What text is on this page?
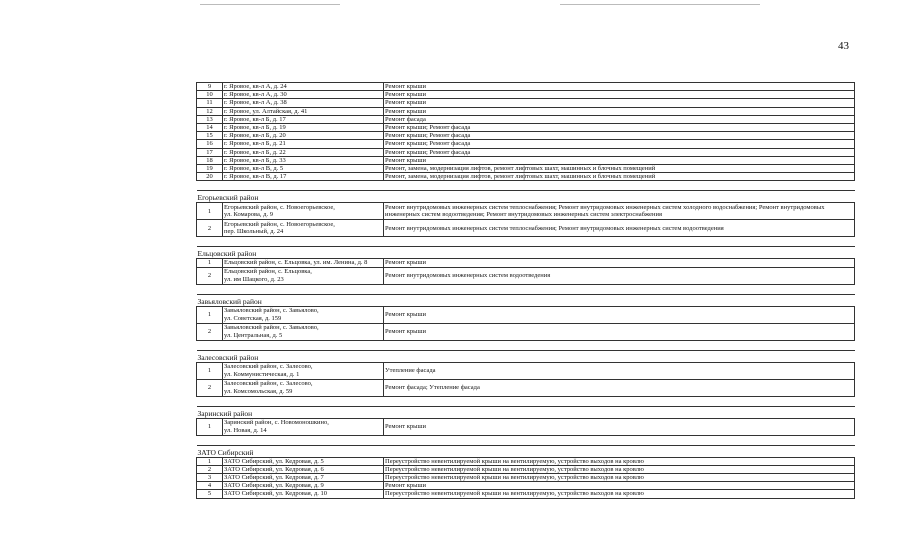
43
9	г. Яровое, кв-л А, д. 24	Ремонт крыши
10	г. Яровое, кв-л А, д. 30	Ремонт крыши
11	г. Яровое, кв-л А, д. 38	Ремонт крыши
12	г. Яровое, ул. Алтайская, д. 41	Ремонт крыши
13	г. Яровое, кв-л Б, д. 17	Ремонт фасада
14	г. Яровое, кв-л Б, д. 19	Ремонт крыши; Ремонт фасада
15	г. Яровое, кв-л Б, д. 20	Ремонт крыши; Ремонт фасада
16	г. Яровое, кв-л Б, д. 21	Ремонт крыши; Ремонт фасада
17	г. Яровое, кв-л Б, д. 22	Ремонт крыши; Ремонт фасада
18	г. Яровое, кв-л Б, д. 33	Ремонт крыши
19	г. Яровое, кв-л В, д. 5	Ремонт, замена, модернизация лифтов, ремонт лифтовых шахт, машинных и блочных помещений
20	г. Яровое, кв-л В, д. 17	Ремонт, замена, модернизация лифтов, ремонт лифтовых шахт, машинных и блочных помещений

Егорьевский район		
1	Егорьевский район, с. Новоегорьевское,
ул. Комарова, д. 9	Ремонт внутридомовых инженерных систем теплоснабжения; Ремонт внутридомовых инженерных систем холодного водоснабжения; Ремонт внутридомовых инженерных систем водоотведения; Ремонт внутридомовых инженерных систем электроснабжения
2	Егорьевский район, с. Новоегорьевское,
пер. Школьный, д. 24	Ремонт внутридомовых инженерных систем теплоснабжения; Ремонт внутридомовых инженерных систем водоотведения

Ельцовский район		
1	Ельцовский район, с. Ельцовка, ул. им. Ленина, д. 8	Ремонт крыши
2	Ельцовский район, с. Ельцовка,
ул. им Шацкого, д. 23	Ремонт внутридомовых инженерных систем водоотведения

Завьяловский район		
1	Завьяловский район, с. Завьялово,
ул. Советская, д. 159	Ремонт крыши
2	Завьяловский район, с. Завьялово,
ул. Центральная, д. 5	Ремонт крыши

Залесовский район		
1	Залесовский район, с. Залесово,
ул. Коммунистическая, д. 1	Утепление фасада
2	Залесовский район, с. Залесово,
ул. Комсомольская, д. 59	Ремонт фасада; Утепление фасада

Заринский район		
1	Заринский район, с. Новомоношкино,
ул. Новая, д. 14	Ремонт крыши

ЗАТО Сибирский		
1	ЗАТО Сибирский, ул. Кедровая, д. 5	Переустройство невентилируемой крыши на вентилируемую, устройство выходов на кровлю
2	ЗАТО Сибирский, ул. Кедровая, д. 6	Переустройство невентилируемой крыши на вентилируемую, устройство выходов на кровлю
3	ЗАТО Сибирский, ул. Кедровая, д. 7	Переустройство невентилируемой крыши на вентилируемую, устройство выходов на кровлю
4	ЗАТО Сибирский, ул. Кедровая, д. 9	Ремонт крыши
5	ЗАТО Сибирский, ул. Кедровая, д. 10	Переустройство невентилируемой крыши на вентилируемую, устройство выходов на кровлю
